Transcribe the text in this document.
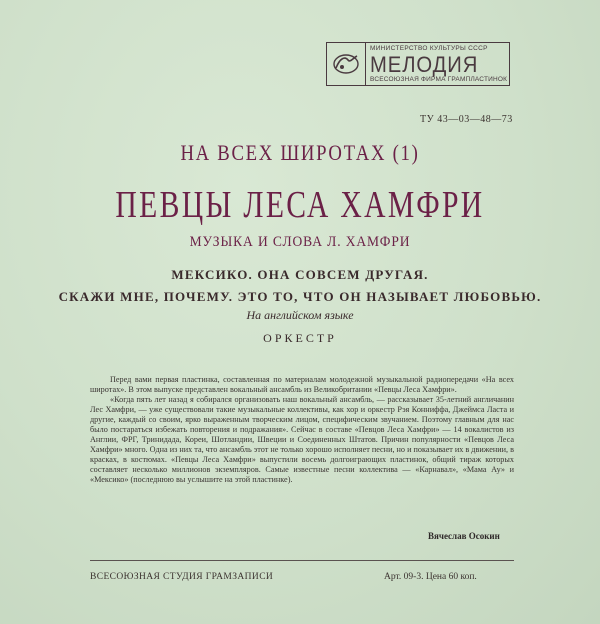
МИНИСТЕРСТВО КУЛЬТУРЫ СССР
МЕЛОДИЯ
ВСЕСОЮЗНАЯ ФИРМА ГРАМПЛАСТИНОК
ТУ 43—03—48—73
НА ВСЕХ ШИРОТАХ (1)
ПЕВЦЫ ЛЕСА ХАМФРИ
МУЗЫКА И СЛОВА Л. ХАМФРИ
МЕКСИКО. ОНА СОВСЕМ ДРУГАЯ.
СКАЖИ МНЕ, ПОЧЕМУ. ЭТО ТО, ЧТО ОН НАЗЫВАЕТ ЛЮБОВЬЮ.
На английском языке
ОРКЕСТР

Перед вами первая пластинка, составленная по материалам молодежной музыкальной радиопередачи «На всех широтах». В этом выпуске представлен вокальный ансамбль из Великобритании «Певцы Леса Хамфри».

«Когда пять лет назад я собирался организовать наш вокальный ансамбль, — рассказывает 35-летний англичанин Лес Хамфри, — уже существовали такие музыкальные коллективы, как хор и оркестр Рэя Конниффа, Джеймса Ласта и другие, каждый со своим, ярко выраженным творческим лицом, специфическим звучанием. Поэтому главным для нас было постараться избежать повторения и подражания». Сейчас в составе «Певцов Леса Хамфри» — 14 вокалистов из Англии, ФРГ, Тринидада, Кореи, Шотландии, Швеции и Соединенных Штатов. Причин популярности «Певцов Леса Хамфри» много. Одна из них та, что ансамбль этот не только хорошо исполняет песни, но и показывает их в движении, в красках, в костюмах. «Певцы Леса Хамфри» выпустили восемь долгоиграющих пластинок, общий тираж которых составляет несколько миллионов экземпляров. Самые известные песни коллектива — «Карнавал», «Мама Ау» и «Мексико» (последнюю вы услышите на этой пластинке).

Вячеслав Осокин
ВСЕСОЮЗНАЯ СТУДИЯ ГРАМЗАПИСИ	Арт. 09-3. Цена 60 коп.
